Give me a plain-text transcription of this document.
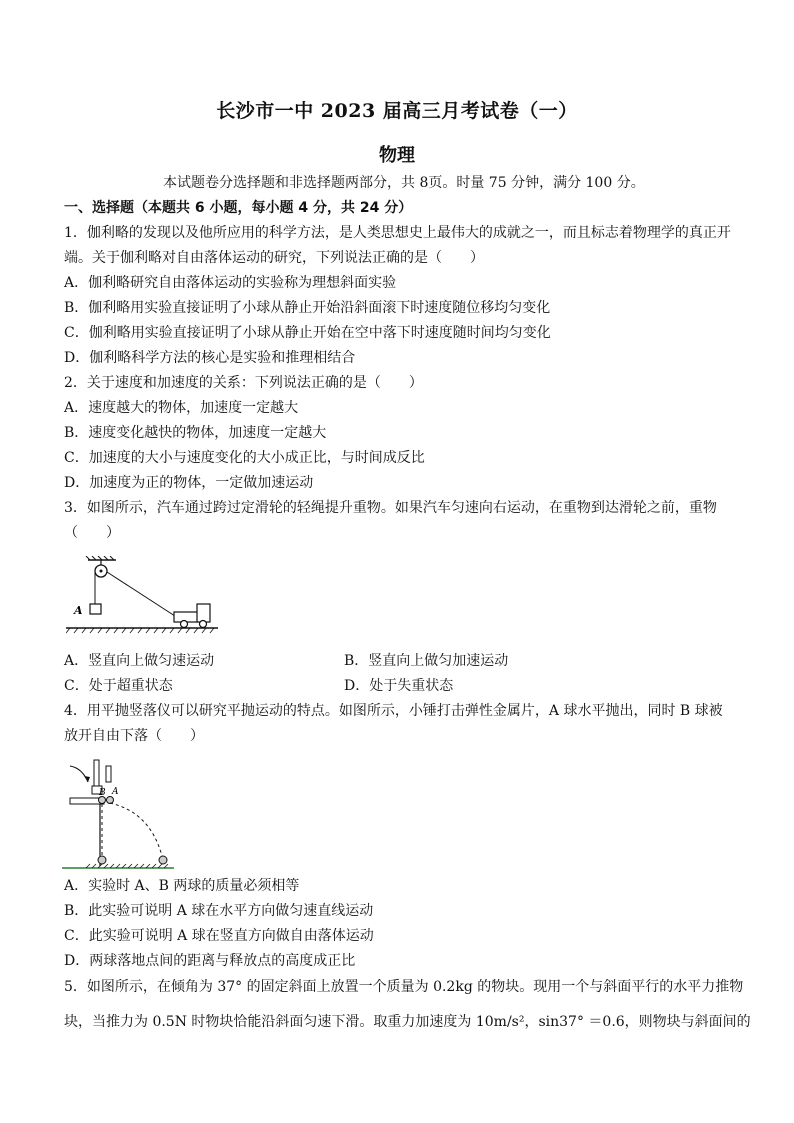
长沙市一中 2023 届高三月考试卷（一）
物理
本试题卷分选择题和非选择题两部分，共 8页。时量 75 分钟，满分 100 分。
一、选择题（本题共 6 小题，每小题 4 分，共 24 分）
1．伽利略的发现以及他所应用的科学方法，是人类思想史上最伟大的成就之一，而且标志着物理学的真正开
端。关于伽利略对自由落体运动的研究，下列说法正确的是（　　）
A．伽利略研究自由落体运动的实验称为理想斜面实验
B．伽利略用实验直接证明了小球从静止开始沿斜面滚下时速度随位移均匀变化
C．伽利略用实验直接证明了小球从静止开始在空中落下时速度随时间均匀变化
D．伽利略科学方法的核心是实验和推理相结合
2．关于速度和加速度的关系：下列说法正确的是（　　）
A．速度越大的物体，加速度一定越大
B．速度变化越快的物体，加速度一定越大
C．加速度的大小与速度变化的大小成正比，与时间成反比
D．加速度为正的物体，一定做加速运动
3．如图所示，汽车通过跨过定滑轮的轻绳提升重物。如果汽车匀速向右运动，在重物到达滑轮之前，重物
（　　）
A
A．竖直向上做匀速运动	B．竖直向上做匀加速运动
C．处于超重状态	D．处于失重状态
4．用平抛竖落仪可以研究平抛运动的特点。如图所示，小锤打击弹性金属片，A 球水平抛出，同时 B 球被
放开自由下落（　　）
B A
A．实验时 A、B 两球的质量必须相等
B．此实验可说明 A 球在水平方向做匀速直线运动
C．此实验可说明 A 球在竖直方向做自由落体运动
D．两球落地点间的距离与释放点的高度成正比
5．如图所示，在倾角为 37° 的固定斜面上放置一个质量为 0.2kg 的物块。现用一个与斜面平行的水平力推物
块，当推力为 0.5N 时物块恰能沿斜面匀速下滑。取重力加速度为 10m/s²，sin37° ＝0.6，则物块与斜面间的
